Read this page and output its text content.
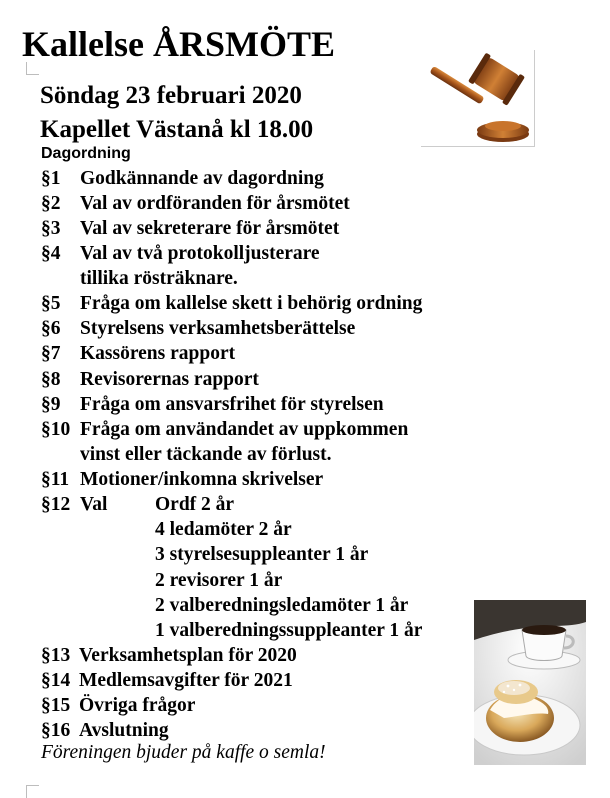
Kallelse ÅRSMÖTE
Söndag 23 februari 2020
Kapellet Västanå kl 18.00
Dagordning
§1 Godkännande av dagordning
§2 Val av ordföranden för årsmötet
§3 Val av sekreterare för årsmötet
§4 Val av två protokolljusterare
tillika rösträknare.
§5 Fråga om kallelse skett i behörig ordning
§6 Styrelsens verksamhetsberättelse
§7 Kassörens rapport
§8 Revisorernas rapport
§9 Fråga om ansvarsfrihet för styrelsen
§10 Fråga om användandet av uppkommen
vinst eller täckande av förlust.
§11 Motioner/inkomna skrivelser
§12 Val Ordf 2 år
4 ledamöter 2 år
3 styrelsesuppleanter 1 år
2 revisorer 1 år
2 valberedningsledamöter 1 år
1 valberedningssuppleanter 1 år
§13 Verksamhetsplan för 2020
§14 Medlemsavgifter för 2021
§15 Övriga frågor
§16 Avslutning
Föreningen bjuder på kaffe o semla!
